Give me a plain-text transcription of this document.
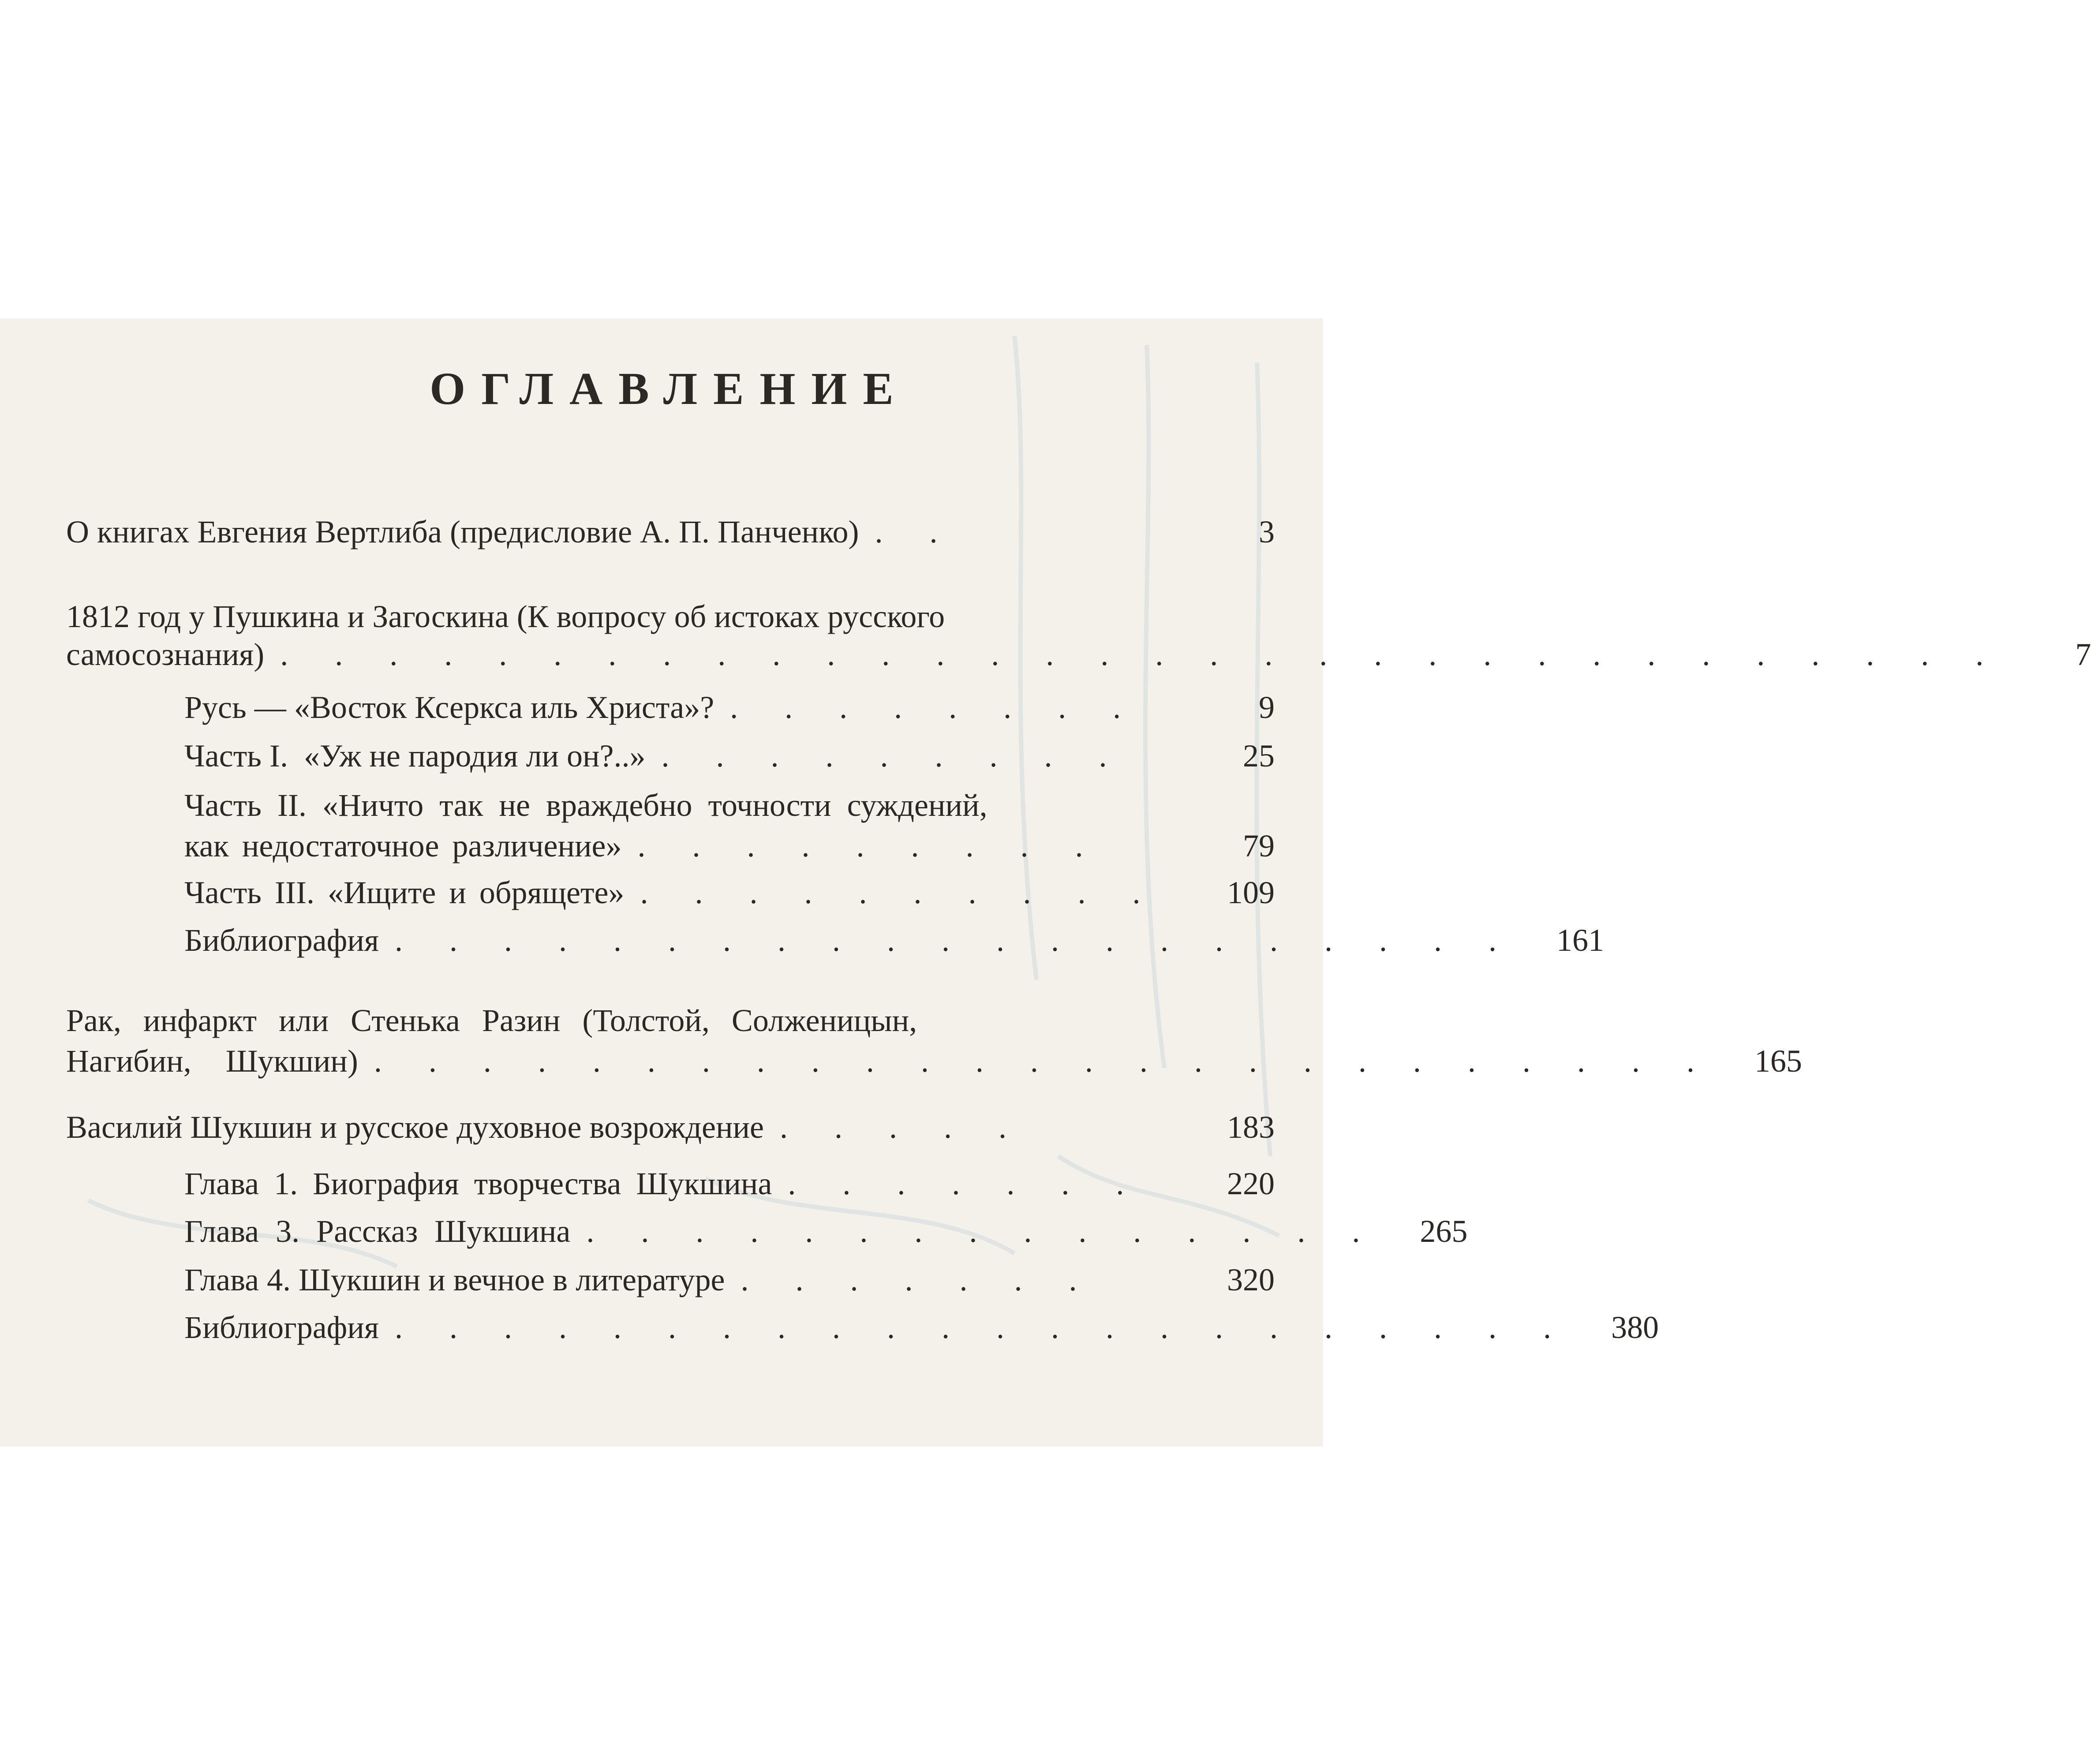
ОГЛАВЛЕНИЕ
О книгах Евгения Вертлиба (предисловие А. П. Панченко) . .	3
1812 год у Пушкина и Загоскина (К вопросу об истоках русского
самосознания) . . . . . . . . . . . . . . . . . . . . . . . . . . . . . . . .	7
Русь — «Восток Ксеркса иль Христа»? . . . . . . . .	9
Часть I.  «Уж не пародия ли он?..» . . . . . . . . .	25
Часть II. «Ничто так не враждебно точности суждений,
как недостаточное различение» . . . . . . . . .	79
Часть III. «Ищите и обрящете» . . . . . . . . . .	109
Библиография . . . . . . . . . . . . . . . . . . . . .	161
Рак, инфаркт или Стенька Разин (Толстой, Солженицын,
Нагибин, Шукшин) . . . . . . . . . . . . . . . . . . . . . . . . .	165
Василий Шукшин и русское духовное возрождение . . . . .	183
Глава 1. Биография творчества Шукшина . . . . . . .	220
Глава 3. Рассказ Шукшина . . . . . . . . . . . . . . .	265
Глава 4. Шукшин и вечное в литературе . . . . . . .	320
Библиография . . . . . . . . . . . . . . . . . . . . . .	380
